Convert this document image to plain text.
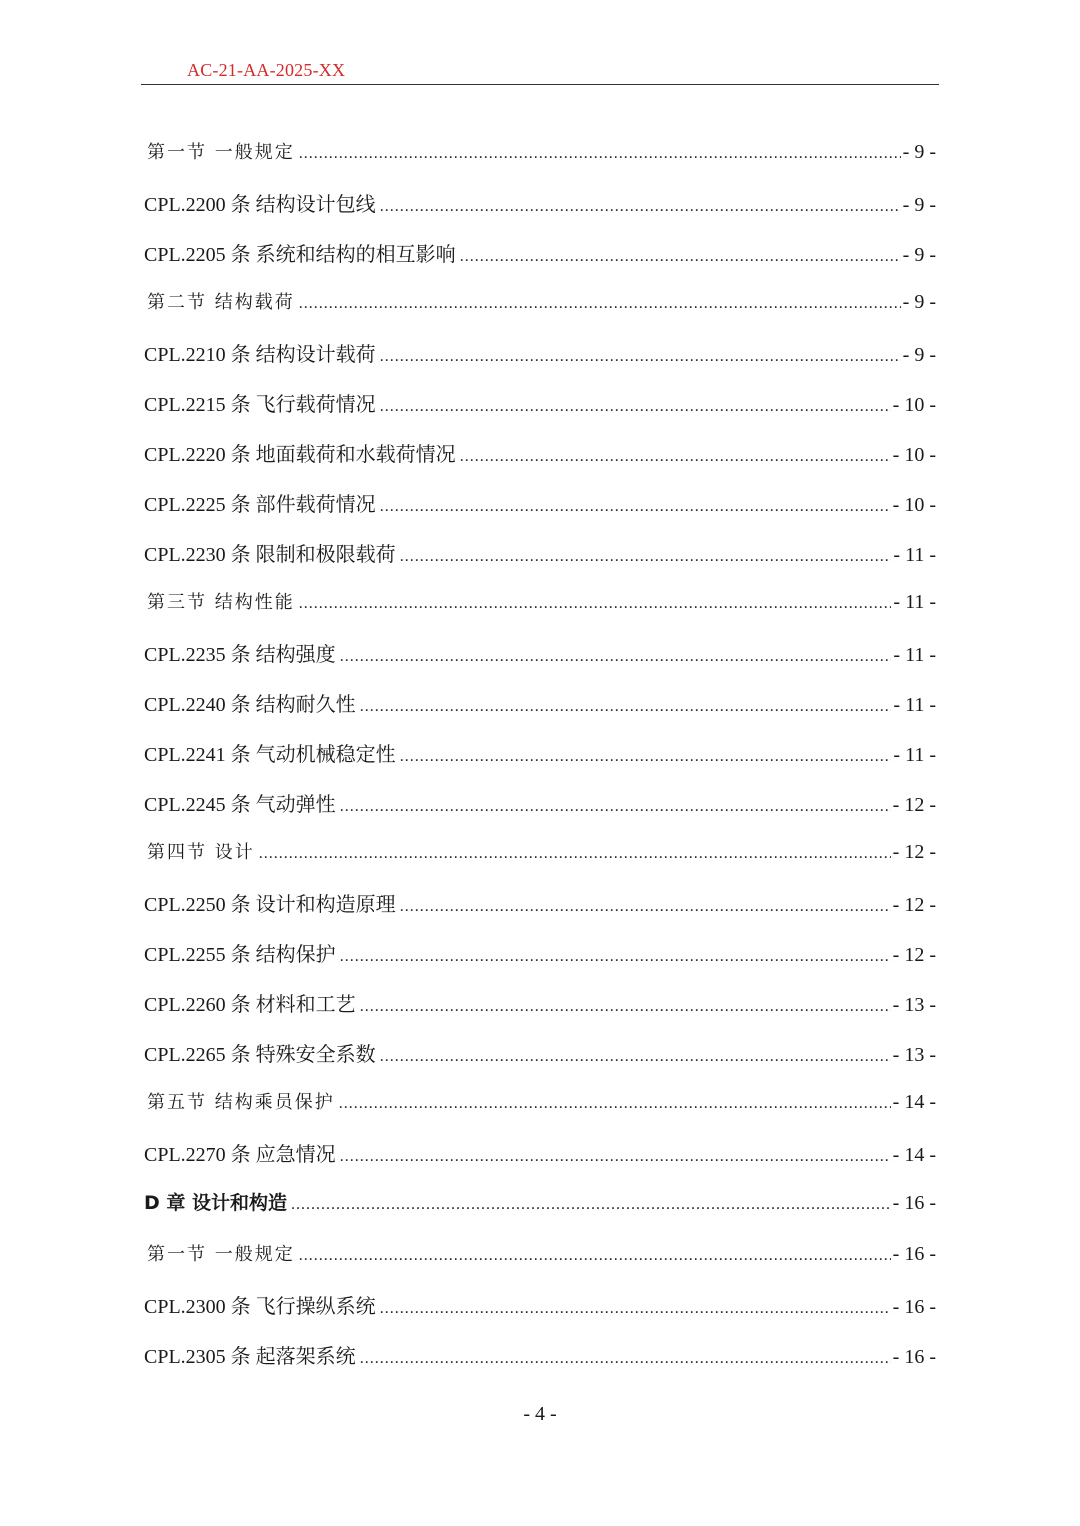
AC-21-AA-2025-XX
第一节 一般规定 .....	- 9 -
CPL.2200 条 结构设计包线 .....	- 9 -
CPL.2205 条 系统和结构的相互影响 .....	- 9 -
第二节 结构载荷 .....	- 9 -
CPL.2210 条 结构设计载荷 .....	- 9 -
CPL.2215 条 飞行载荷情况 .....	- 10 -
CPL.2220 条 地面载荷和水载荷情况 .....	- 10 -
CPL.2225 条 部件载荷情况 .....	- 10 -
CPL.2230 条 限制和极限载荷 .....	- 11 -
第三节 结构性能 .....	- 11 -
CPL.2235 条 结构强度 .....	- 11 -
CPL.2240 条 结构耐久性 .....	- 11 -
CPL.2241 条 气动机械稳定性 .....	- 11 -
CPL.2245 条 气动弹性 .....	- 12 -
第四节 设计 .....	- 12 -
CPL.2250 条 设计和构造原理 .....	- 12 -
CPL.2255 条 结构保护 .....	- 12 -
CPL.2260 条 材料和工艺 .....	- 13 -
CPL.2265 条 特殊安全系数 .....	- 13 -
第五节 结构乘员保护 .....	- 14 -
CPL.2270 条 应急情况 .....	- 14 -
D 章 设计和构造 .....	- 16 -
第一节 一般规定 .....	- 16 -
CPL.2300 条 飞行操纵系统 .....	- 16 -
CPL.2305 条 起落架系统 .....	- 16 -
- 4 -
